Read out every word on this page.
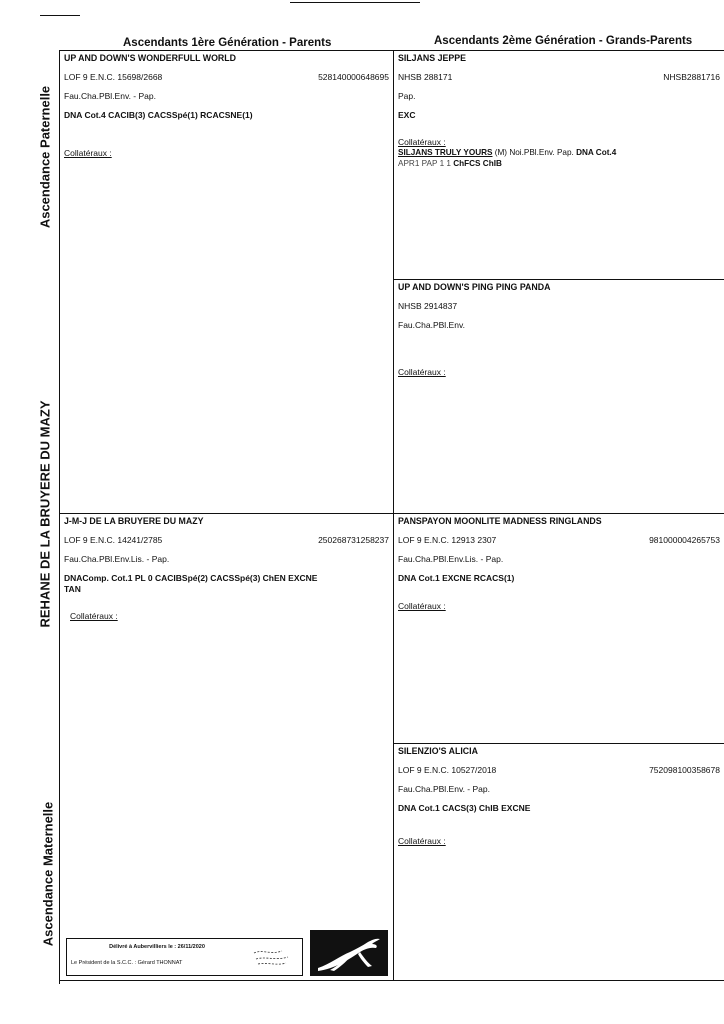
Ascendants 1ère Génération - Parents	Ascendants 2ème Génération - Grands-Parents
Ascendance Paternelle
REHANE DE LA BRUYERE DU MAZY
Ascendance Maternelle
UP AND DOWN'S WONDERFULL WORLD
LOF 9 E.N.C. 15698/2668	528140000648695
Fau.Cha.PBl.Env. - Pap.
DNA Cot.4 CACIB(3) CACSSpé(1) RCACSNE(1)
Collatéraux :
SILJANS JEPPE
NHSB 288171	NHSB2881716
Pap.
EXC
Collatéraux :
SILJANS TRULY YOURS (M) Noi.PBl.Env. Pap. DNA Cot.4
APR1 PAP 1 1 ChFCS ChIB
UP AND DOWN'S PING PING PANDA
NHSB 2914837
Fau.Cha.PBl.Env.
Collatéraux :
J-M-J DE LA BRUYERE DU MAZY
LOF 9 E.N.C. 14241/2785	250268731258237
Fau.Cha.PBl.Env.Lis. - Pap.
DNAComp. Cot.1 PL 0 CACIBSpé(2) CACSSpé(3) ChEN EXCNE
TAN
Collatéraux :
PANSPAYON MOONLITE MADNESS RINGLANDS
LOF 9 E.N.C. 12913 2307	981000004265753
Fau.Cha.PBl.Env.Lis. - Pap.
DNA Cot.1 EXCNE RCACS(1)
Collatéraux :
SILENZIO'S ALICIA
LOF 9 E.N.C. 10527/2018	752098100358678
Fau.Cha.PBl.Env. - Pap.
DNA Cot.1 CACS(3) ChIB EXCNE
Collatéraux :
Délivré à Aubervilliers le : 26/11/2020
Le Président de la S.C.C. : Gérard THONNAT
